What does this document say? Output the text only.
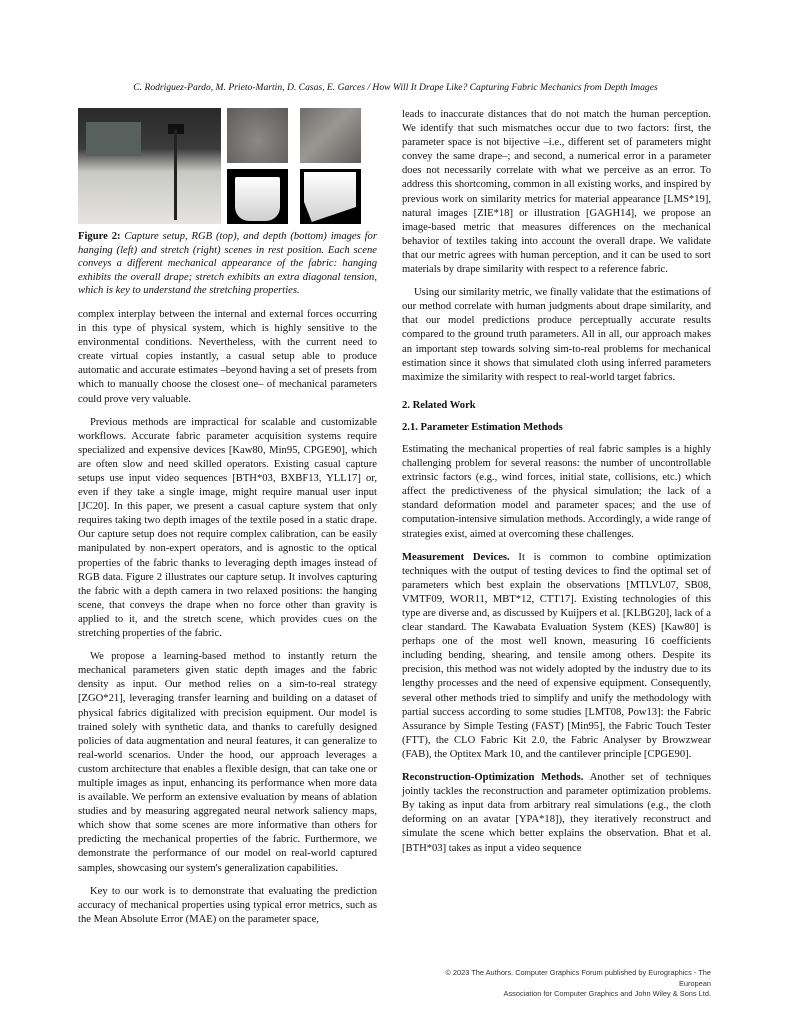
C. Rodriguez-Pardo, M. Prieto-Martin, D. Casas, E. Garces / How Will It Drape Like? Capturing Fabric Mechanics from Depth Images
Figure 2: Capture setup, RGB (top), and depth (bottom) images for hanging (left) and stretch (right) scenes in rest position. Each scene conveys a different mechanical appearance of the fabric: hanging exhibits the overall drape; stretch exhibits an extra diagonal tension, which is key to understand the stretching properties.

complex interplay between the internal and external forces occurring in this type of physical system, which is highly sensitive to the environmental conditions. Nevertheless, with the current need to create virtual copies instantly, a casual setup able to produce automatic and accurate estimates –beyond having a set of presets from which to manually choose the closest one– of mechanical parameters could prove very valuable.

Previous methods are impractical for scalable and customizable workflows. Accurate fabric parameter acquisition systems require specialized and expensive devices [Kaw80, Min95, CPGE90], which are often slow and need skilled operators. Existing casual capture setups use input video sequences [BTH*03, BXBF13, YLL17] or, even if they take a single image, might require manual user input [JC20]. In this paper, we present a casual capture system that only requires taking two depth images of the textile posed in a static drape. Our capture setup does not require complex calibration, can be easily manipulated by non-expert operators, and is agnostic to the optical properties of the fabric thanks to leveraging depth images instead of RGB data. Figure 2 illustrates our capture setup. It involves capturing the fabric with a depth camera in two relaxed positions: the hanging scene, that conveys the drape when no force other than gravity is applied to it, and the stretch scene, which provides cues on the stretching properties of the fabric.

We propose a learning-based method to instantly return the mechanical parameters given static depth images and the fabric density as input. Our method relies on a sim-to-real strategy [ZGO*21], leveraging transfer learning and building on a dataset of physical fabrics digitalized with precision equipment. Our model is trained solely with synthetic data, and thanks to carefully designed policies of data augmentation and neural features, it can generalize to real-world scenarios. Under the hood, our approach leverages a custom architecture that enables a flexible design, that can take one or multiple images as input, enhancing its performance when more data is available. We perform an extensive evaluation by means of ablation studies and by measuring aggregated neural network saliency maps, which show that some scenes are more informative than others for predicting the mechanical properties of the fabric. Furthermore, we demonstrate the performance of our model on real-world captured samples, showcasing our system's generalization capabilities.

Key to our work is to demonstrate that evaluating the prediction accuracy of mechanical properties using typical error metrics, such as the Mean Absolute Error (MAE) on the parameter space,

leads to inaccurate distances that do not match the human perception. We identify that such mismatches occur due to two factors: first, the parameter space is not bijective –i.e., different set of parameters might convey the same drape–; and second, a numerical error in a parameter does not necessarily correlate with what we perceive as an error. To address this shortcoming, common in all existing works, and inspired by previous work on similarity metrics for material appearance [LMS*19], natural images [ZIE*18] or illustration [GAGH14], we propose an image-based metric that measures differences on the mechanical behavior of textiles taking into account the overall drape. We validate that our metric agrees with human perception, and it can be used to sort materials by drape similarity with respect to a reference fabric.

Using our similarity metric, we finally validate that the estimations of our method correlate with human judgments about drape similarity, and that our model predictions produce perceptually accurate results compared to the ground truth parameters. All in all, our approach makes an important step towards solving sim-to-real problems for mechanical estimation since it shows that simulated cloth using inferred parameters maximize the similarity with respect to real-world target fabrics.

2. Related Work
2.1. Parameter Estimation Methods

Estimating the mechanical properties of real fabric samples is a highly challenging problem for several reasons: the number of uncontrollable extrinsic factors (e.g., wind forces, initial state, collisions, etc.) which affect the predictiveness of the physical simulation; the lack of a standard deformation model and parameter spaces; and the use of computation-intensive simulation methods. Accordingly, a wide range of strategies exist, aimed at overcoming these challenges.

Measurement Devices. It is common to combine optimization techniques with the output of testing devices to find the optimal set of parameters which best explain the observations [MTLVL07, SB08, VMTF09, WOR11, MBT*12, CTT17]. Existing technologies of this type are diverse and, as discussed by Kuijpers et al. [KLBG20], lack of a clear standard. The Kawabata Evaluation System (KES) [Kaw80] is perhaps one of the most well known, measuring 16 coefficients including bending, shearing, and tensile among others. Despite its precision, this method was not widely adopted by the industry due to its lengthy processes and the need of expensive equipment. Consequently, several other methods tried to simplify and unify the methodology with partial success according to some studies [LMT08, Pow13]: the Fabric Assurance by Simple Testing (FAST) [Min95], the Fabric Touch Tester (FTT), the CLO Fabric Kit 2.0, the Fabric Analyser by Browzwear (FAB), the Optitex Mark 10, and the cantilever principle [CPGE90].

Reconstruction-Optimization Methods. Another set of techniques jointly tackles the reconstruction and parameter optimization problems. By taking as input data from arbitrary real simulations (e.g., the cloth deforming on an avatar [YPA*18]), they iteratively reconstruct and simulate the scene which better explains the observation. Bhat et al. [BTH*03] takes as input a video sequence

© 2023 The Authors. Computer Graphics Forum published by Eurographics - The European
Association for Computer Graphics and John Wiley & Sons Ltd.
